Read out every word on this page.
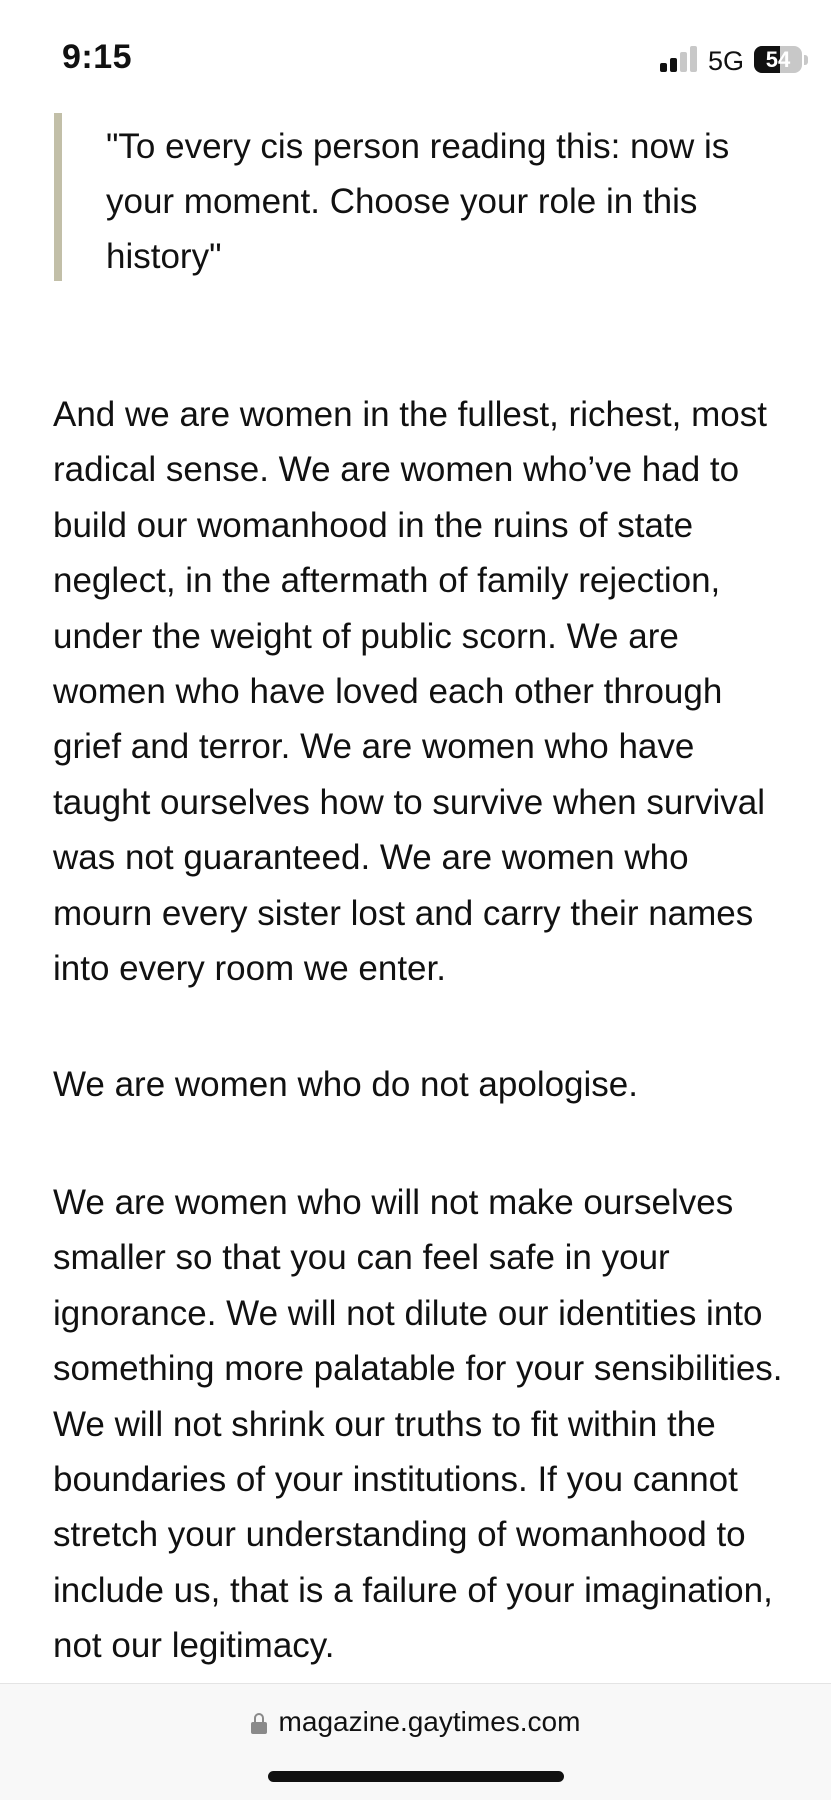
9:15	5G 54

"To every cis person reading this: now is your moment. Choose your role in this history"

And we are women in the fullest, richest, most radical sense. We are women who’ve had to build our womanhood in the ruins of state neglect, in the aftermath of family rejection, under the weight of public scorn. We are women who have loved each other through grief and terror. We are women who have taught ourselves how to survive when survival was not guaranteed. We are women who mourn every sister lost and carry their names into every room we enter.

We are women who do not apologise.

We are women who will not make ourselves smaller so that you can feel safe in your ignorance. We will not dilute our identities into something more palatable for your sensibilities. We will not shrink our truths to fit within the boundaries of your institutions. If you cannot stretch your understanding of womanhood to include us, that is a failure of your imagination, not our legitimacy.

magazine.gaytimes.com
